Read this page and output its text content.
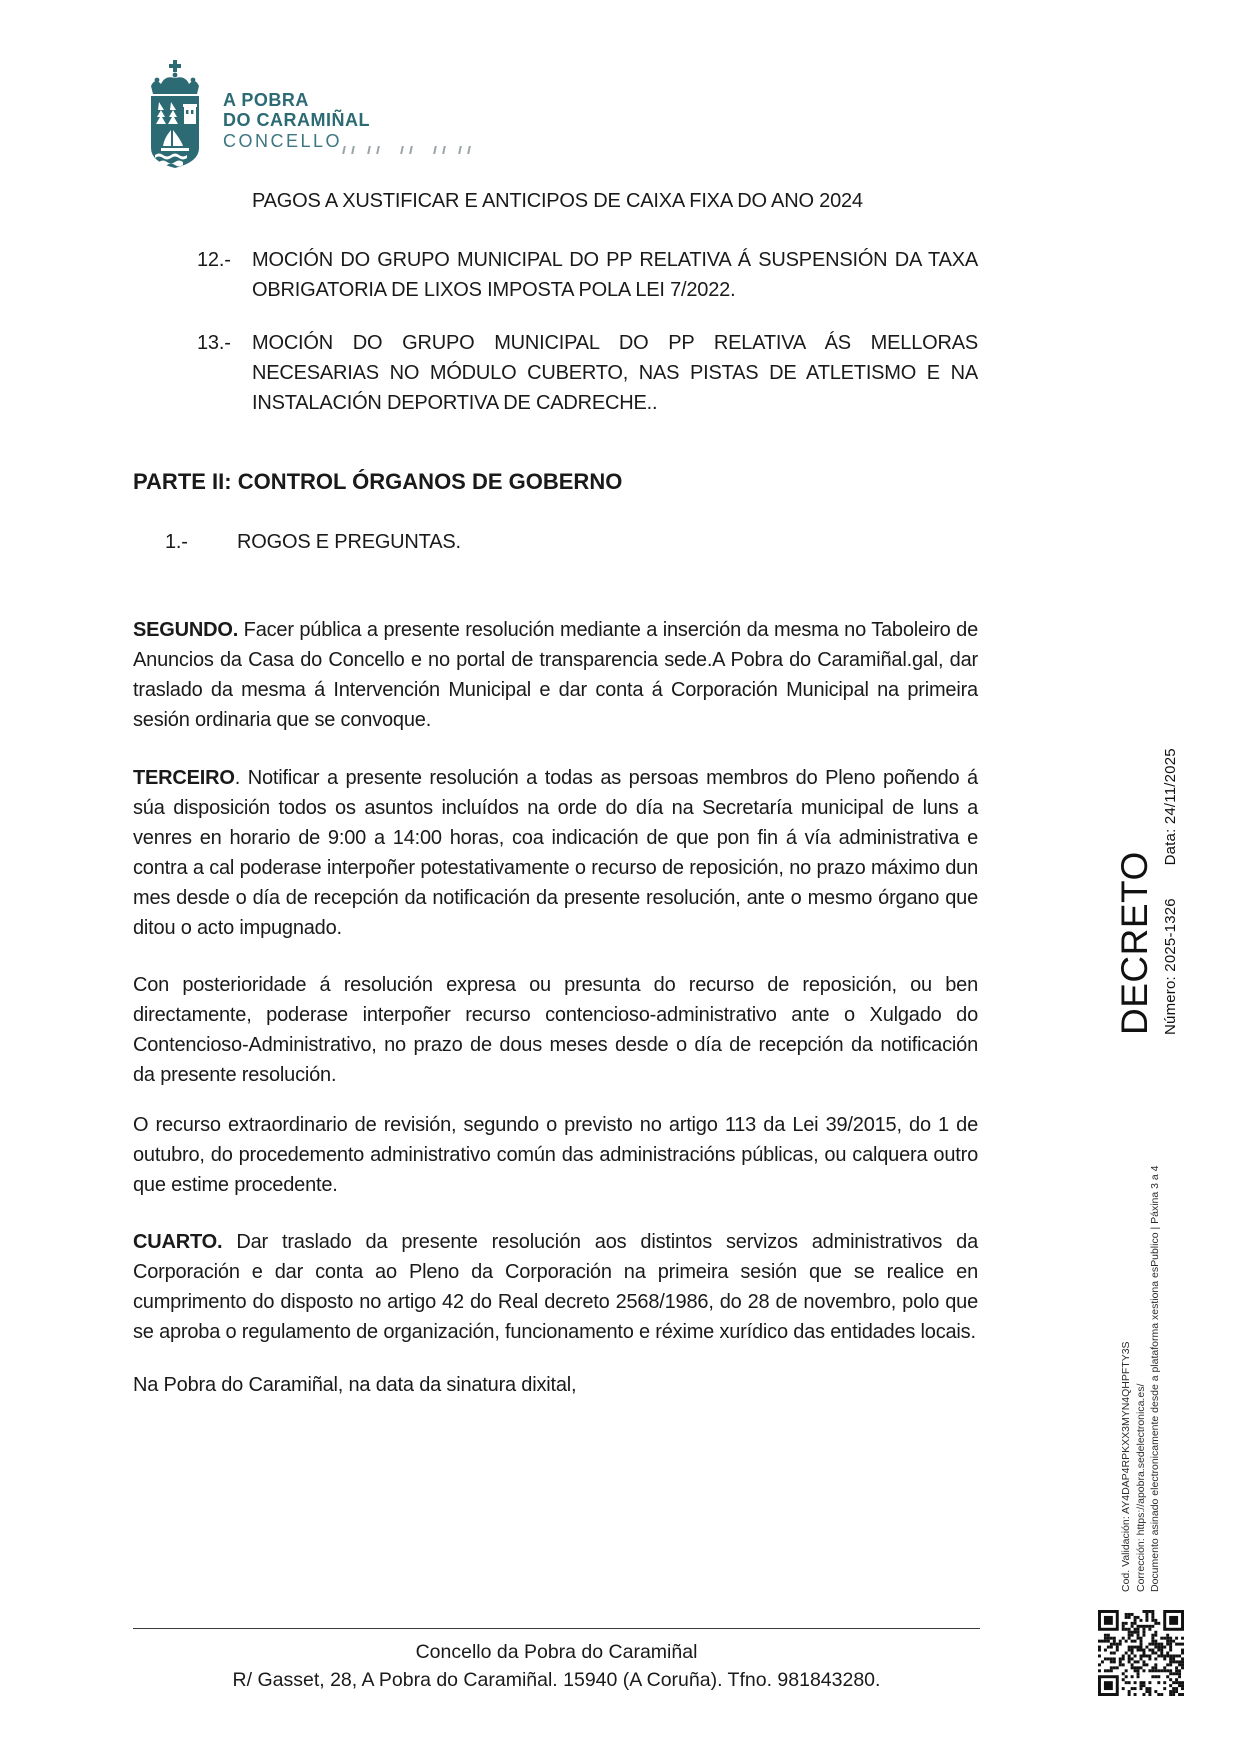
A POBRA
DO CARAMIÑAL
CONCELLO
PAGOS A XUSTIFICAR E ANTICIPOS DE CAIXA FIXA DO ANO 2024
12.- MOCIÓN DO GRUPO MUNICIPAL DO PP RELATIVA Á SUSPENSIÓN DA TAXA OBRIGATORIA DE LIXOS IMPOSTA POLA LEI 7/2022.
13.- MOCIÓN DO GRUPO MUNICIPAL DO PP RELATIVA ÁS MELLORAS NECESARIAS NO MÓDULO CUBERTO, NAS PISTAS DE ATLETISMO E NA INSTALACIÓN DEPORTIVA DE CADRECHE..
PARTE II: CONTROL ÓRGANOS DE GOBERNO
1.- ROGOS E PREGUNTAS.

SEGUNDO. Facer pública a presente resolución mediante a inserción da mesma no Taboleiro de Anuncios da Casa do Concello e no portal de transparencia sede.A Pobra do Caramiñal.gal, dar traslado da mesma á Intervención Municipal e dar conta á Corporación Municipal na primeira sesión ordinaria que se convoque.

TERCEIRO. Notificar a presente resolución a todas as persoas membros do Pleno poñendo á súa disposición todos os asuntos incluídos na orde do día na Secretaría municipal de luns a venres en horario de 9:00 a 14:00 horas, coa indicación de que pon fin á vía administrativa e contra a cal poderase interpoñer potestativamente o recurso de reposición, no prazo máximo dun mes desde o día de recepción da notificación da presente resolución, ante o mesmo órgano que ditou o acto impugnado.

Con posterioridade á resolución expresa ou presunta do recurso de reposición, ou ben directamente, poderase interpoñer recurso contencioso-administrativo ante o Xulgado do Contencioso-Administrativo, no prazo de dous meses desde o día de recepción da notificación da presente resolución.

O recurso extraordinario de revisión, segundo o previsto no artigo 113 da Lei 39/2015, do 1 de outubro, do procedemento administrativo común das administracións públicas, ou calquera outro que estime procedente.

CUARTO. Dar traslado da presente resolución aos distintos servizos administrativos da Corporación e dar conta ao Pleno da Corporación na primeira sesión que se realice en cumprimento do disposto no artigo 42 do Real decreto 2568/1986, do 28 de novembro, polo que se aproba o regulamento de organización, funcionamento e réxime xurídico das entidades locais.

Na Pobra do Caramiñal, na data da sinatura dixital,

DECRETO Número: 2025-1326  Data: 24/11/2025
Cod. Validación: AY4DAP4RPKXX3MYN4QHPFTY3S Corrección: https://apobra.sedelectronica.es/ Documento asinado electronicamente desde a plataforma xestiona esPublico | Páxina 3 a 4
Concello da Pobra do Caramiñal
R/ Gasset, 28, A Pobra do Caramiñal. 15940 (A Coruña). Tfno. 981843280.
